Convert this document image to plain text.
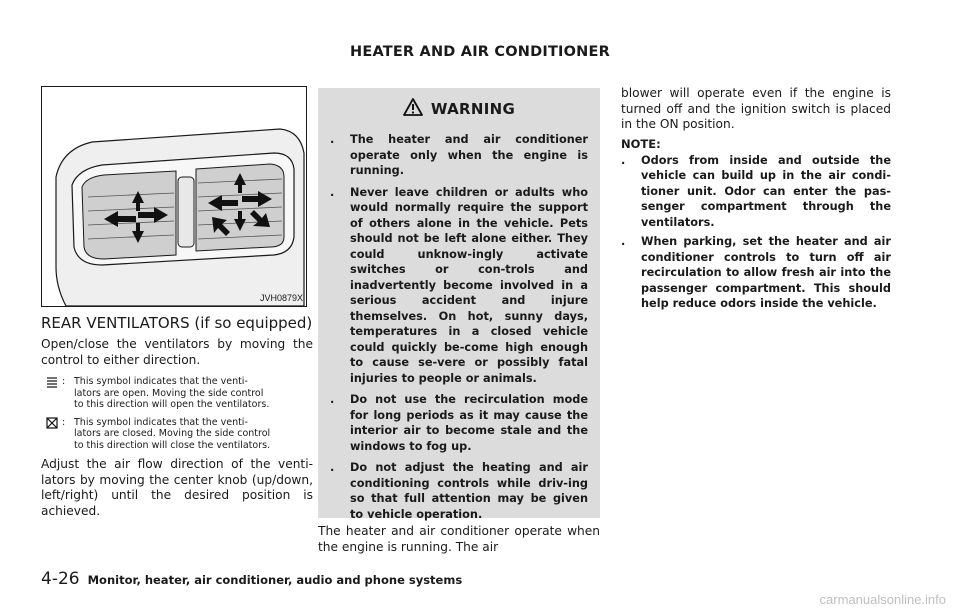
HEATER AND AIR CONDITIONER
JVH0879X
REAR VENTILATORS (if so equipped)

Open/close the ventilators by moving the control to either direction.

: This symbol indicates that the venti-lators are open. Moving the side control to this direction will open the ventilators.
: This symbol indicates that the venti-lators are closed. Moving the side control to this direction will close the ventilators.

Adjust the air flow direction of the venti-lators by moving the center knob (up/down, left/right) until the desired position is achieved.

WARNING
.	The heater and air conditioner operate only when the engine is running.
.	Never leave children or adults who would normally require the support of others alone in the vehicle. Pets should not be left alone either. They could unknow-ingly activate switches or con-trols and inadvertently become involved in a serious accident and injure themselves. On hot, sunny days, temperatures in a closed vehicle could quickly be-come high enough to cause se-vere or possibly fatal injuries to people or animals.
.	Do not use the recirculation mode for long periods as it may cause the interior air to become stale and the windows to fog up.
.	Do not adjust the heating and air conditioning controls while driv-ing so that full attention may be given to vehicle operation.
The heater and air conditioner operate when the engine is running. The air

blower will operate even if the engine is turned off and the ignition switch is placed in the ON position.

NOTE:
.	Odors from inside and outside the vehicle can build up in the air condi-tioner unit. Odor can enter the pas-senger compartment through the ventilators.
.	When parking, set the heater and air conditioner controls to turn off air recirculation to allow fresh air into the passenger compartment. This should help reduce odors inside the vehicle.
4-26 Monitor, heater, air conditioner, audio and phone systems
carmanualsonline.info
